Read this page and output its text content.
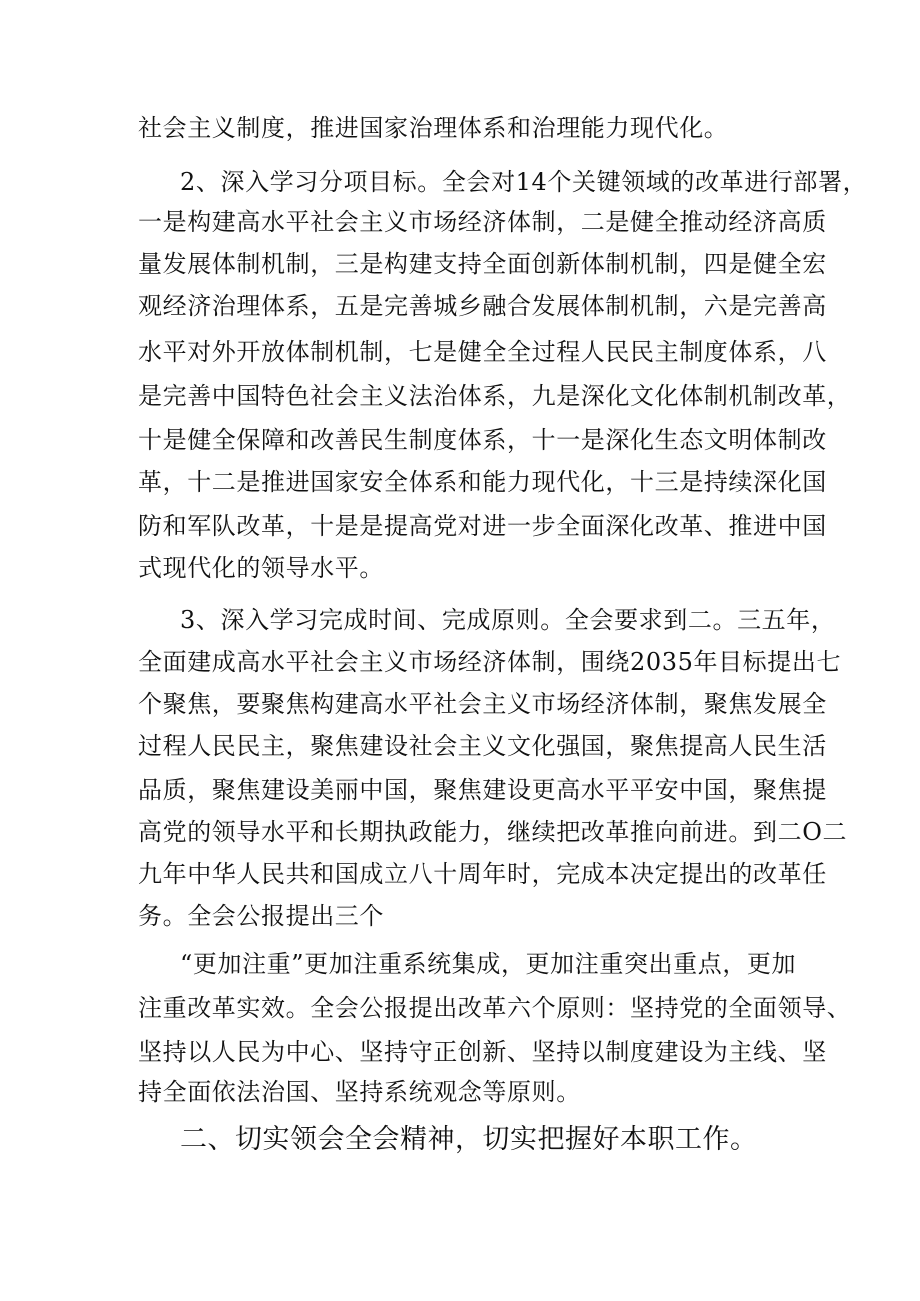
社会主义制度，推进国家治理体系和治理能力现代化。
2、深入学习分项目标。全会对14个关键领域的改革进行部署，
一是构建高水平社会主义市场经济体制，二是健全推动经济高质
量发展体制机制，三是构建支持全面创新体制机制，四是健全宏
观经济治理体系，五是完善城乡融合发展体制机制，六是完善高
水平对外开放体制机制，七是健全全过程人民民主制度体系，八
是完善中国特色社会主义法治体系，九是深化文化体制机制改革，
十是健全保障和改善民生制度体系，十一是深化生态文明体制改
革，十二是推进国家安全体系和能力现代化，十三是持续深化国
防和军队改革，十是是提高党对进一步全面深化改革、推进中国
式现代化的领导水平。
3、深入学习完成时间、完成原则。全会要求到二。三五年，
全面建成高水平社会主义市场经济体制，围绕2035年目标提出七
个聚焦，要聚焦构建高水平社会主义市场经济体制，聚焦发展全
过程人民民主，聚焦建设社会主义文化强国，聚焦提高人民生活
品质，聚焦建设美丽中国，聚焦建设更高水平平安中国，聚焦提
高党的领导水平和长期执政能力，继续把改革推向前进。到二O二
九年中华人民共和国成立八十周年时，完成本决定提出的改革任
务。全会公报提出三个
“更加注重”更加注重系统集成，更加注重突出重点，更加
注重改革实效。全会公报提出改革六个原则：坚持党的全面领导、
坚持以人民为中心、坚持守正创新、坚持以制度建设为主线、坚
持全面依法治国、坚持系统观念等原则。
二、切实领会全会精神，切实把握好本职工作。
